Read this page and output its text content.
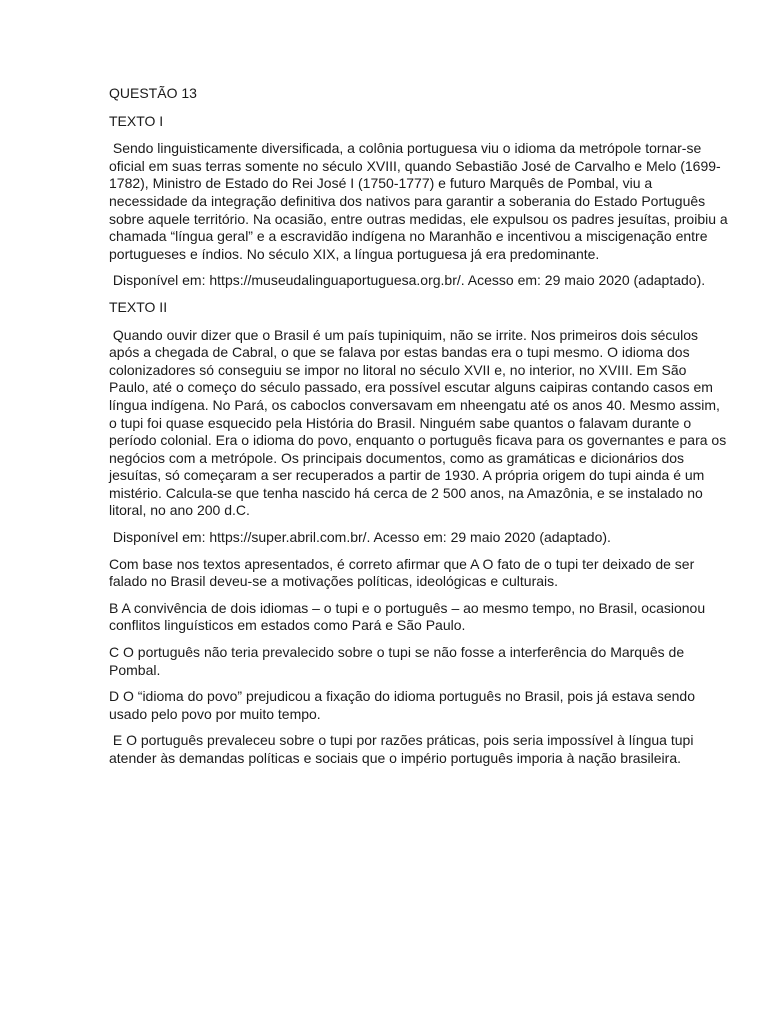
QUESTÃO 13

TEXTO I

Sendo linguisticamente diversificada, a colônia portuguesa viu o idioma da metrópole tornar-se oficial em suas terras somente no século XVIII, quando Sebastião José de Carvalho e Melo (1699-1782), Ministro de Estado do Rei José I (1750-1777) e futuro Marquês de Pombal, viu a necessidade da integração definitiva dos nativos para garantir a soberania do Estado Português sobre aquele território. Na ocasião, entre outras medidas, ele expulsou os padres jesuítas, proibiu a chamada “língua geral” e a escravidão indígena no Maranhão e incentivou a miscigenação entre portugueses e índios. No século XIX, a língua portuguesa já era predominante.

Disponível em: https://museudalinguaportuguesa.org.br/. Acesso em: 29 maio 2020 (adaptado).

TEXTO II

Quando ouvir dizer que o Brasil é um país tupiniquim, não se irrite. Nos primeiros dois séculos após a chegada de Cabral, o que se falava por estas bandas era o tupi mesmo. O idioma dos colonizadores só conseguiu se impor no litoral no século XVII e, no interior, no XVIII. Em São Paulo, até o começo do século passado, era possível escutar alguns caipiras contando casos em língua indígena. No Pará, os caboclos conversavam em nheengatu até os anos 40. Mesmo assim, o tupi foi quase esquecido pela História do Brasil. Ninguém sabe quantos o falavam durante o período colonial. Era o idioma do povo, enquanto o português ficava para os governantes e para os negócios com a metrópole. Os principais documentos, como as gramáticas e dicionários dos jesuítas, só começaram a ser recuperados a partir de 1930. A própria origem do tupi ainda é um mistério. Calcula-se que tenha nascido há cerca de 2 500 anos, na Amazônia, e se instalado no litoral, no ano 200 d.C.

Disponível em: https://super.abril.com.br/. Acesso em: 29 maio 2020 (adaptado).

Com base nos textos apresentados, é correto afirmar que A O fato de o tupi ter deixado de ser falado no Brasil deveu-se a motivações políticas, ideológicas e culturais.

B A convivência de dois idiomas – o tupi e o português – ao mesmo tempo, no Brasil, ocasionou conflitos linguísticos em estados como Pará e São Paulo.

C O português não teria prevalecido sobre o tupi se não fosse a interferência do Marquês de Pombal.

D O “idioma do povo” prejudicou a fixação do idioma português no Brasil, pois já estava sendo usado pelo povo por muito tempo.

E O português prevaleceu sobre o tupi por razões práticas, pois seria impossível à língua tupi atender às demandas políticas e sociais que o império português imporia à nação brasileira.
